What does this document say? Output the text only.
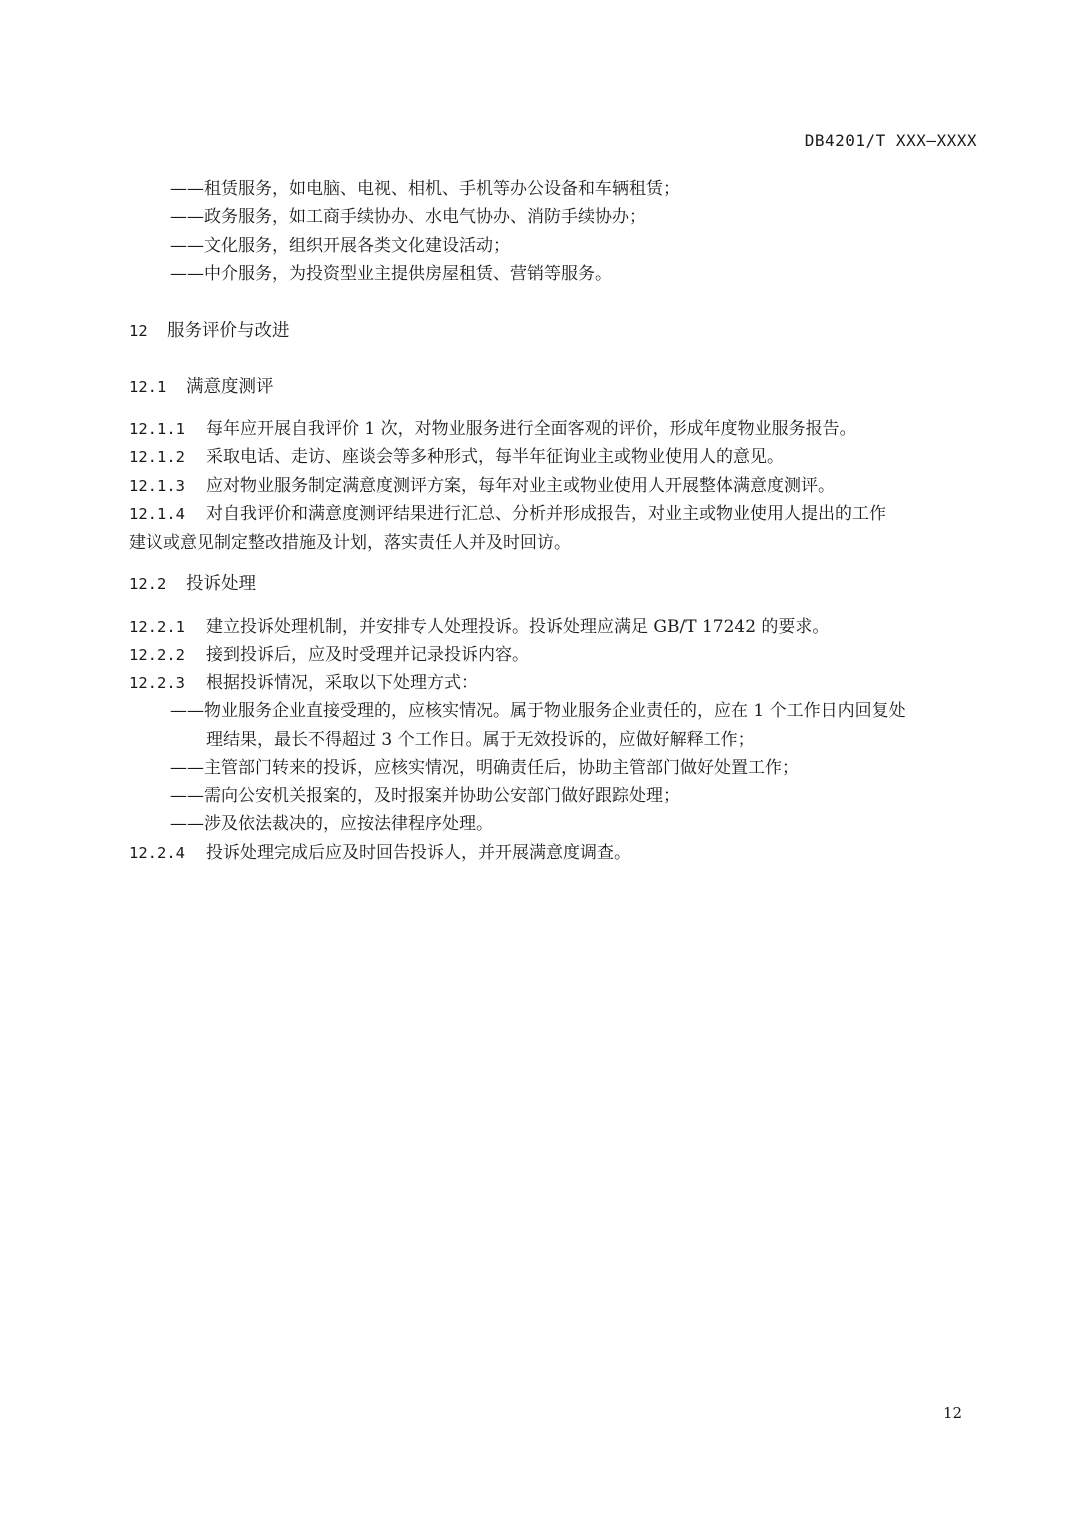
DB4201/T XXX—XXXX
——租赁服务，如电脑、电视、相机、手机等办公设备和车辆租赁；
——政务服务，如工商手续协办、水电气协办、消防手续协办；
——文化服务，组织开展各类文化建设活动；
——中介服务，为投资型业主提供房屋租赁、营销等服务。
12 服务评价与改进
12.1 满意度测评
12.1.1 每年应开展自我评价 1 次，对物业服务进行全面客观的评价，形成年度物业服务报告。
12.1.2 采取电话、走访、座谈会等多种形式，每半年征询业主或物业使用人的意见。
12.1.3 应对物业服务制定满意度测评方案，每年对业主或物业使用人开展整体满意度测评。
12.1.4 对自我评价和满意度测评结果进行汇总、分析并形成报告，对业主或物业使用人提出的工作
建议或意见制定整改措施及计划，落实责任人并及时回访。
12.2 投诉处理
12.2.1 建立投诉处理机制，并安排专人处理投诉。投诉处理应满足 GB/T 17242 的要求。
12.2.2 接到投诉后，应及时受理并记录投诉内容。
12.2.3 根据投诉情况，采取以下处理方式：
——物业服务企业直接受理的，应核实情况。属于物业服务企业责任的，应在 1 个工作日内回复处
理结果，最长不得超过 3 个工作日。属于无效投诉的，应做好解释工作；
——主管部门转来的投诉，应核实情况，明确责任后，协助主管部门做好处置工作；
——需向公安机关报案的，及时报案并协助公安部门做好跟踪处理；
——涉及依法裁决的，应按法律程序处理。
12.2.4 投诉处理完成后应及时回告投诉人，并开展满意度调查。
12
